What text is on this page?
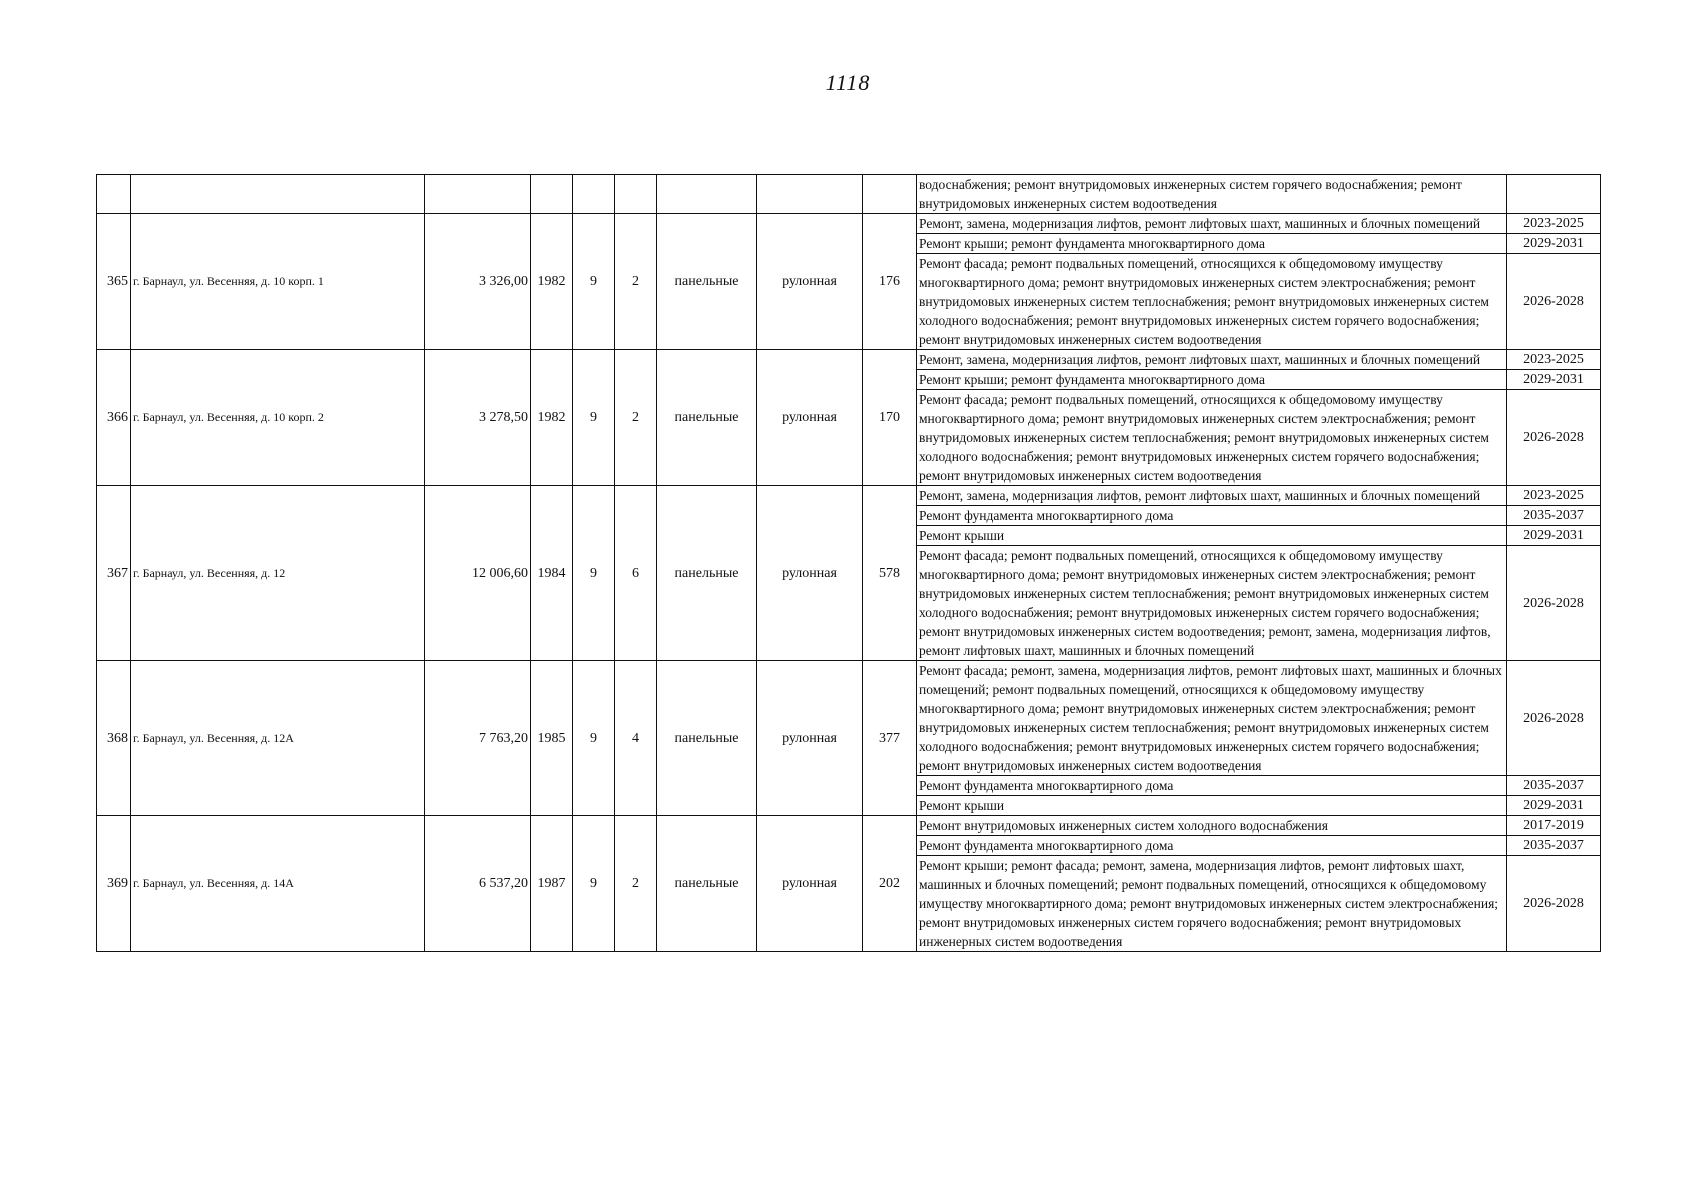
1118
									водоснабжения; ремонт внутридомовых инженерных систем горячего водоснабжения; ремонт внутридомовых инженерных систем водоотведения	
365	г. Барнаул, ул. Весенняя, д. 10 корп. 1	3 326,00	1982	9	2	панельные	рулонная	176	Ремонт, замена, модернизация лифтов, ремонт лифтовых шахт, машинных и блочных помещений	2023-2025
									Ремонт крыши; ремонт фундамента многоквартирного дома	2029-2031
									Ремонт фасада; ремонт подвальных помещений, относящихся к общедомовому имуществу многоквартирного дома; ремонт внутридомовых инженерных систем электроснабжения; ремонт внутридомовых инженерных систем теплоснабжения; ремонт внутридомовых инженерных систем холодного водоснабжения; ремонт внутридомовых инженерных систем горячего водоснабжения; ремонт внутридомовых инженерных систем водоотведения	2026-2028
366	г. Барнаул, ул. Весенняя, д. 10 корп. 2	3 278,50	1982	9	2	панельные	рулонная	170	Ремонт, замена, модернизация лифтов, ремонт лифтовых шахт, машинных и блочных помещений	2023-2025
									Ремонт крыши; ремонт фундамента многоквартирного дома	2029-2031
									Ремонт фасада; ремонт подвальных помещений, относящихся к общедомовому имуществу многоквартирного дома; ремонт внутридомовых инженерных систем электроснабжения; ремонт внутридомовых инженерных систем теплоснабжения; ремонт внутридомовых инженерных систем холодного водоснабжения; ремонт внутридомовых инженерных систем горячего водоснабжения; ремонт внутридомовых инженерных систем водоотведения	2026-2028
367	г. Барнаул, ул. Весенняя, д. 12	12 006,60	1984	9	6	панельные	рулонная	578	Ремонт, замена, модернизация лифтов, ремонт лифтовых шахт, машинных и блочных помещений	2023-2025
									Ремонт фундамента многоквартирного дома	2035-2037
									Ремонт крыши	2029-2031
									Ремонт фасада; ремонт подвальных помещений, относящихся к общедомовому имуществу многоквартирного дома; ремонт внутридомовых инженерных систем электроснабжения; ремонт внутридомовых инженерных систем теплоснабжения; ремонт внутридомовых инженерных систем холодного водоснабжения; ремонт внутридомовых инженерных систем горячего водоснабжения; ремонт внутридомовых инженерных систем водоотведения; ремонт, замена, модернизация лифтов, ремонт лифтовых шахт, машинных и блочных помещений	2026-2028
368	г. Барнаул, ул. Весенняя, д. 12А	7 763,20	1985	9	4	панельные	рулонная	377	Ремонт фасада; ремонт, замена, модернизация лифтов, ремонт лифтовых шахт, машинных и блочных помещений; ремонт подвальных помещений, относящихся к общедомовому имуществу многоквартирного дома; ремонт внутридомовых инженерных систем электроснабжения; ремонт внутридомовых инженерных систем теплоснабжения; ремонт внутридомовых инженерных систем холодного водоснабжения; ремонт внутридомовых инженерных систем горячего водоснабжения; ремонт внутридомовых инженерных систем водоотведения	2026-2028
									Ремонт фундамента многоквартирного дома	2035-2037
									Ремонт крыши	2029-2031
369	г. Барнаул, ул. Весенняя, д. 14А	6 537,20	1987	9	2	панельные	рулонная	202	Ремонт внутридомовых инженерных систем холодного водоснабжения	2017-2019
									Ремонт фундамента многоквартирного дома	2035-2037
									Ремонт крыши; ремонт фасада; ремонт, замена, модернизация лифтов, ремонт лифтовых шахт, машинных и блочных помещений; ремонт подвальных помещений, относящихся к общедомовому имуществу многоквартирного дома; ремонт внутридомовых инженерных систем электроснабжения; ремонт внутридомовых инженерных систем горячего водоснабжения; ремонт внутридомовых инженерных систем водоотведения	2026-2028
